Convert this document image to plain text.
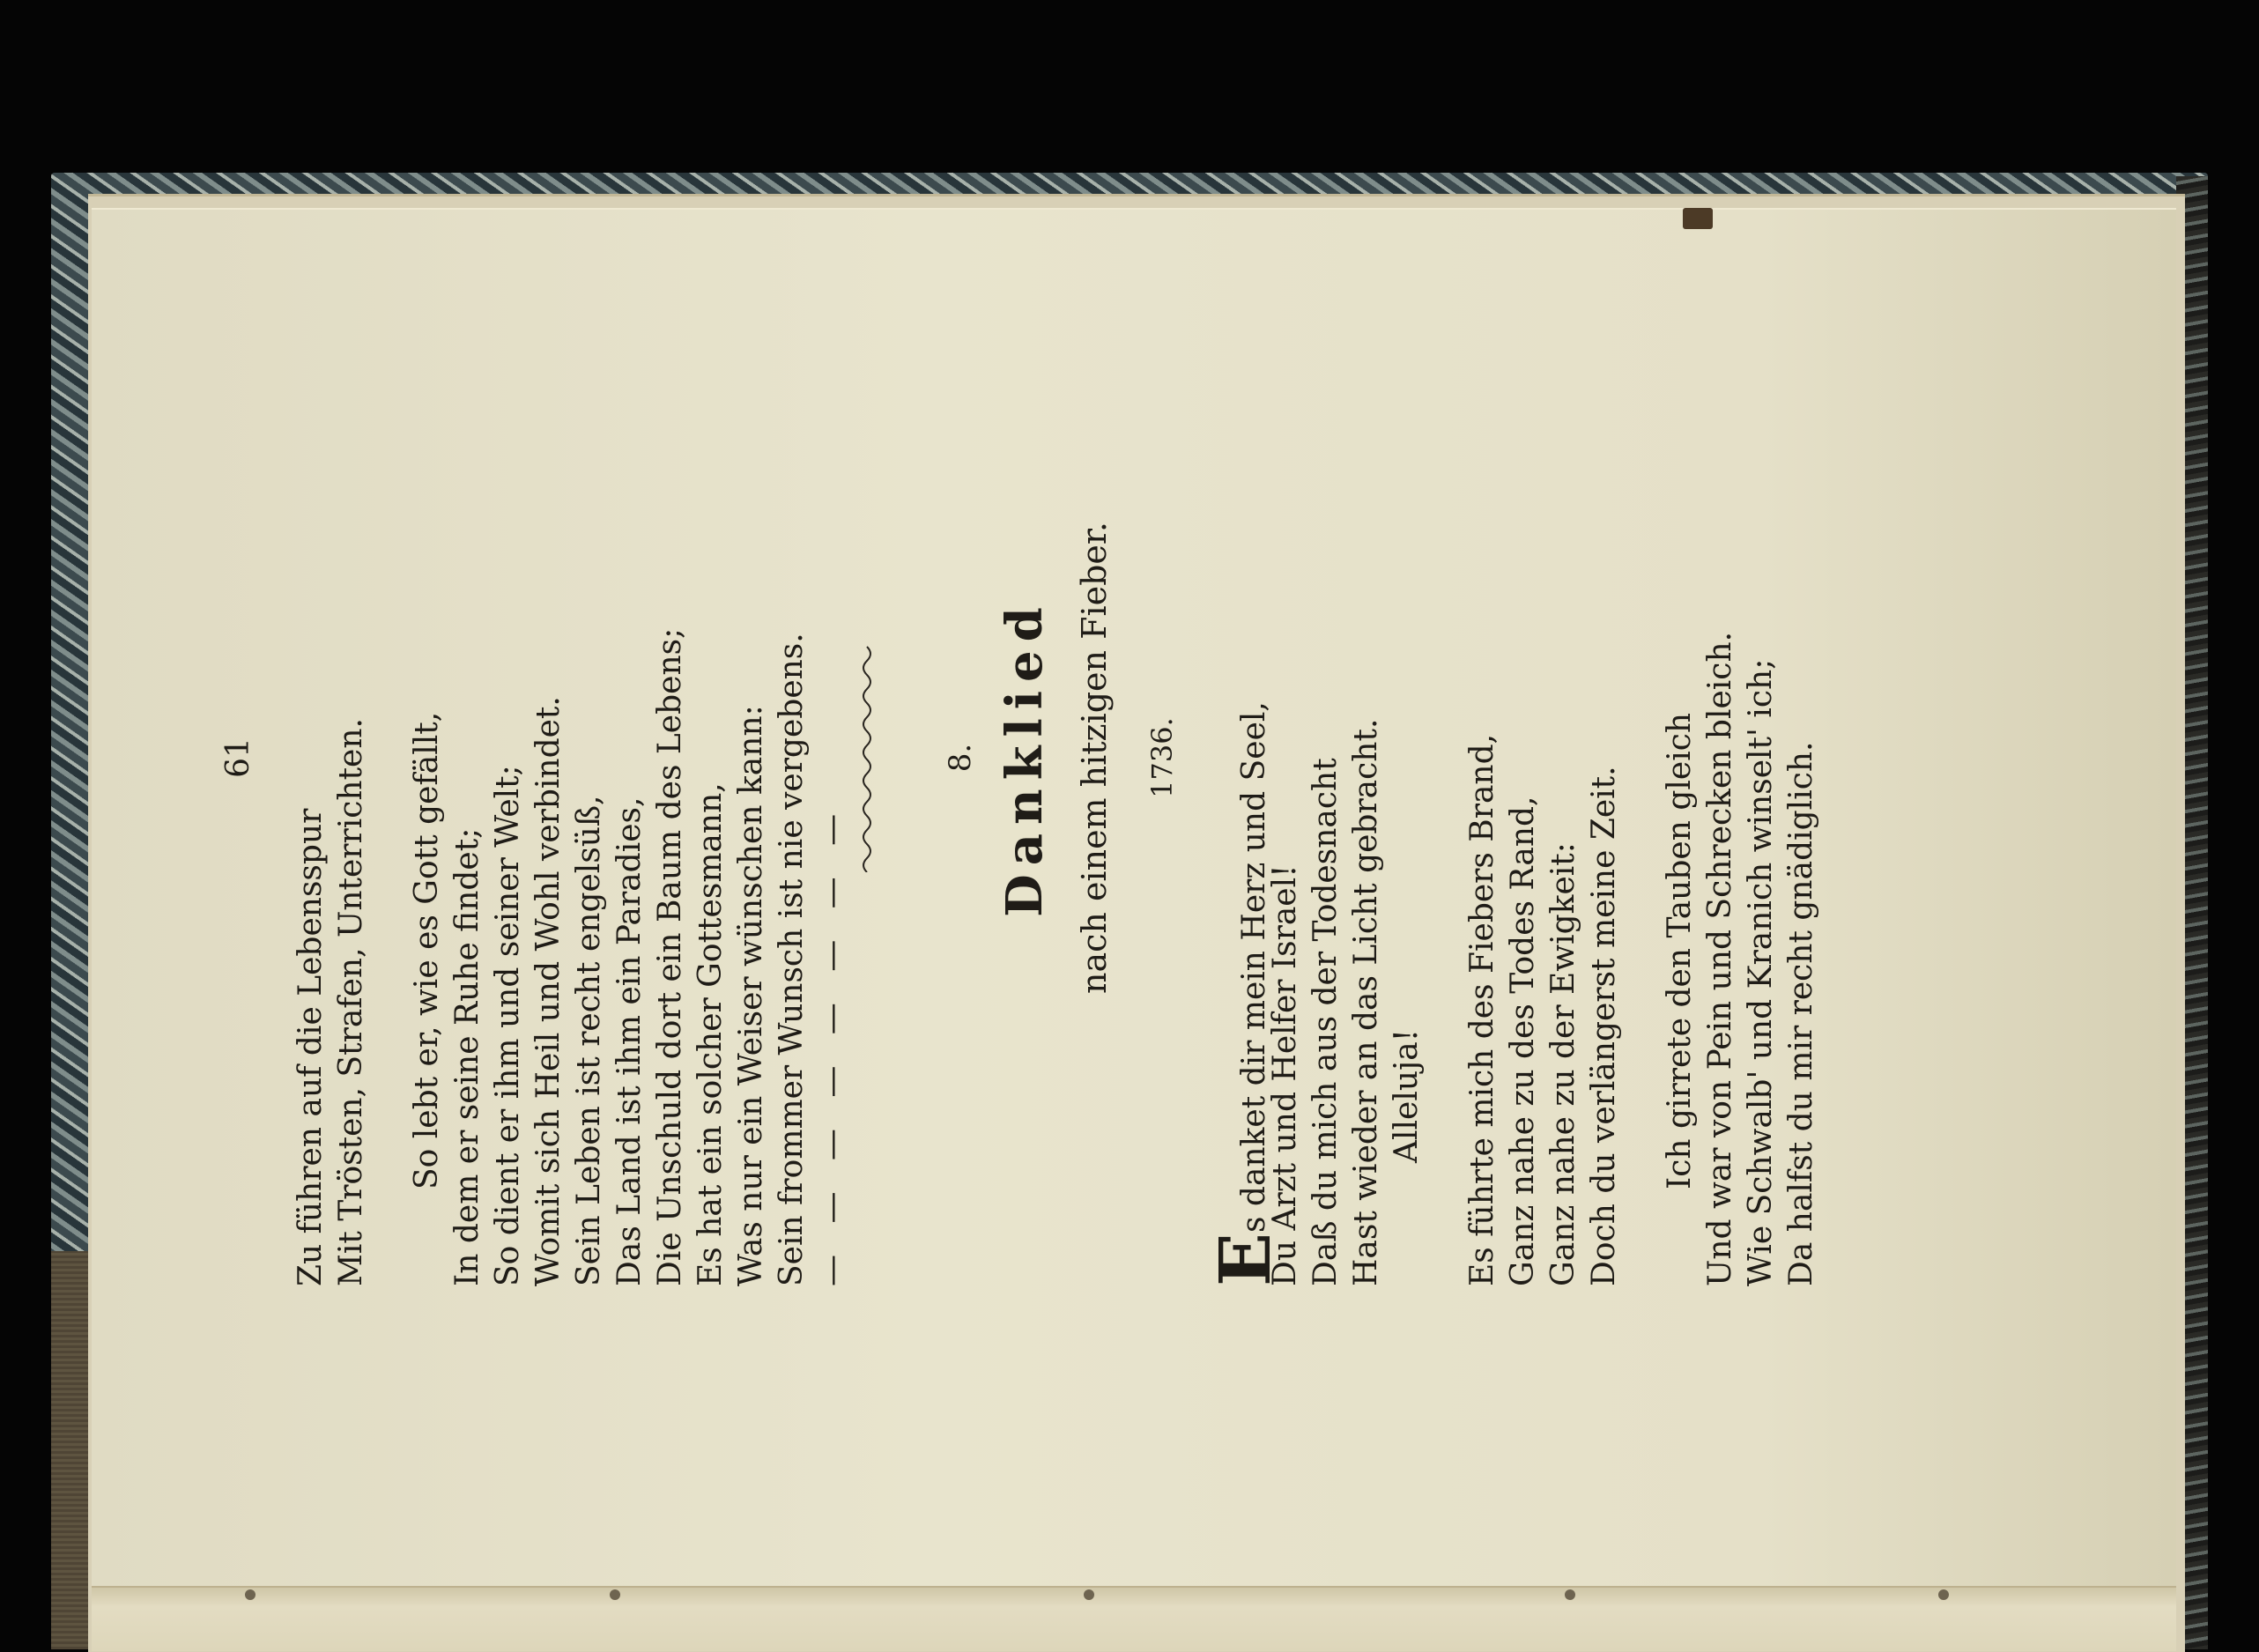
61
Zu führen auf die Lebensspur Mit Trösten, Strafen, Unterrichten. So lebt er, wie es Gott gefällt, In dem er seine Ruhe findet; So dient er ihm und seiner Welt; Womit sich Heil und Wohl verbindet. Sein Leben ist recht engelsüß, Das Land ist ihm ein Paradies, Die Unschuld dort ein Baum des Lebens; Es hat ein solcher Gottesmann, Was nur ein Weiser wünschen kann: Sein frommer Wunsch ist nie vergebens. — — — — — — — —
8. Danklied nach einem hitzigen Fieber. 1736.
Es danket dir mein Herz und Seel,
Du Arzt und Helfer Israel! Daß du mich aus der Todesnacht Hast wieder an das Licht gebracht. Alleluja! Es führte mich des Fiebers Brand, Ganz nahe zu des Todes Rand, Ganz nahe zu der Ewigkeit: Doch du verlängerst meine Zeit. Ich girrete den Tauben gleich Und war von Pein und Schrecken bleich. Wie Schwalb' und Kranich winselt' ich; Da halfst du mir recht gnädiglich.
